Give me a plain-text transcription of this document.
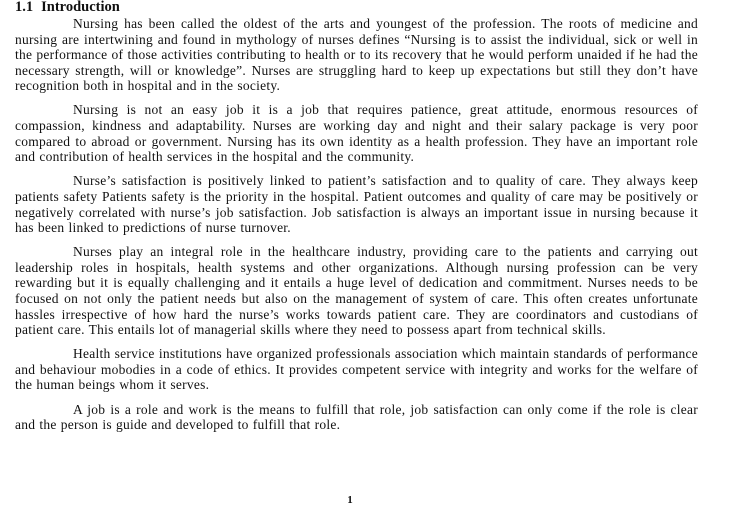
1.1 Introduction

Nursing has been called the oldest of the arts and youngest of the profession. The roots of medicine and nursing are intertwining and found in mythology of nurses defines “Nursing is to assist the individual, sick or well in the performance of those activities contributing to health or to its recovery that he would perform unaided if he had the necessary strength, will or knowledge”. Nurses are struggling hard to keep up expectations but still they don’t have recognition both in hospital and in the society.

Nursing is not an easy job it is a job that requires patience, great attitude, enormous resources of compassion, kindness and adaptability. Nurses are working day and night and their salary package is very poor compared to abroad or government. Nursing has its own identity as a health profession. They have an important role and contribution of health services in the hospital and the community.

Nurse’s satisfaction is positively linked to patient’s satisfaction and to quality of care. They always keep patients safety Patients safety is the priority in the hospital. Patient outcomes and quality of care may be positively or negatively correlated with nurse’s job satisfaction. Job satisfaction is always an important issue in nursing because it has been linked to predictions of nurse turnover.

Nurses play an integral role in the healthcare industry, providing care to the patients and carrying out leadership roles in hospitals, health systems and other organizations. Although nursing profession can be very rewarding but it is equally challenging and it entails a huge level of dedication and commitment. Nurses needs to be focused on not only the patient needs but also on the management of system of care. This often creates unfortunate hassles irrespective of how hard the nurse’s works towards patient care. They are coordinators and custodians of patient care. This entails lot of managerial skills where they need to possess apart from technical skills.

Health service institutions have organized professionals association which maintain standards of performance and behaviour mobodies in a code of ethics. It provides competent service with integrity and works for the welfare of the human beings whom it serves.

A job is a role and work is the means to fulfill that role, job satisfaction can only come if the role is clear and the person is guide and developed to fulfill that role.

1
